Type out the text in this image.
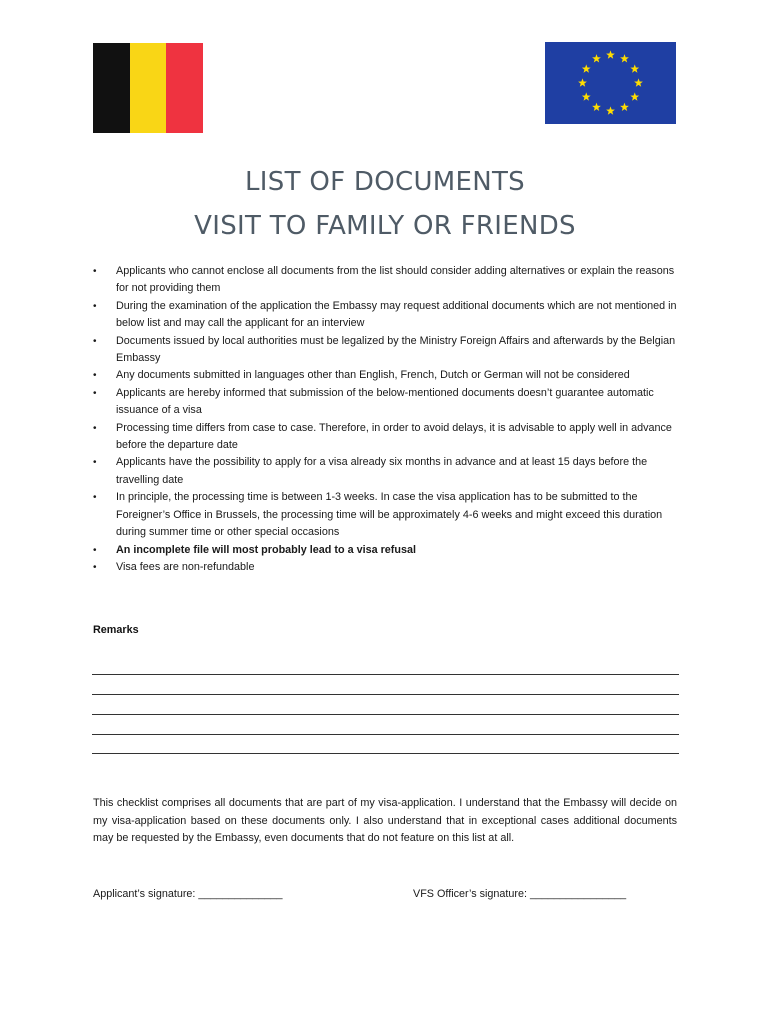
LIST OF DOCUMENTS
VISIT TO FAMILY OR FRIENDS
•	Applicants who cannot enclose all documents from the list should consider adding alternatives or explain the reasons for not providing them
•	During the examination of the application the Embassy may request additional documents which are not mentioned in below list and may call the applicant for an interview
•	Documents issued by local authorities must be legalized by the Ministry Foreign Affairs and afterwards by the Belgian Embassy
•	Any documents submitted in languages other than English, French, Dutch or German will not be considered
•	Applicants are hereby informed that submission of the below-mentioned documents doesn’t guarantee automatic issuance of a visa
•	Processing time differs from case to case. Therefore, in order to avoid delays, it is advisable to apply well in advance before the departure date
•	Applicants have the possibility to apply for a visa already six months in advance and at least 15 days before the travelling date
•	In principle, the processing time is between 1-3 weeks. In case the visa application has to be submitted to the Foreigner’s Office in Brussels, the processing time will be approximately 4-6 weeks and might exceed this duration during summer time or other special occasions
•	An incomplete file will most probably lead to a visa refusal
•	Visa fees are non-refundable
Remarks

This checklist comprises all documents that are part of my visa-application. I understand that the Embassy will decide on my visa-application based on these documents only. I also understand that in exceptional cases additional documents may be requested by the Embassy, even documents that do not feature on this list at all.

Applicant’s signature: ______________	VFS Officer’s signature: ________________
